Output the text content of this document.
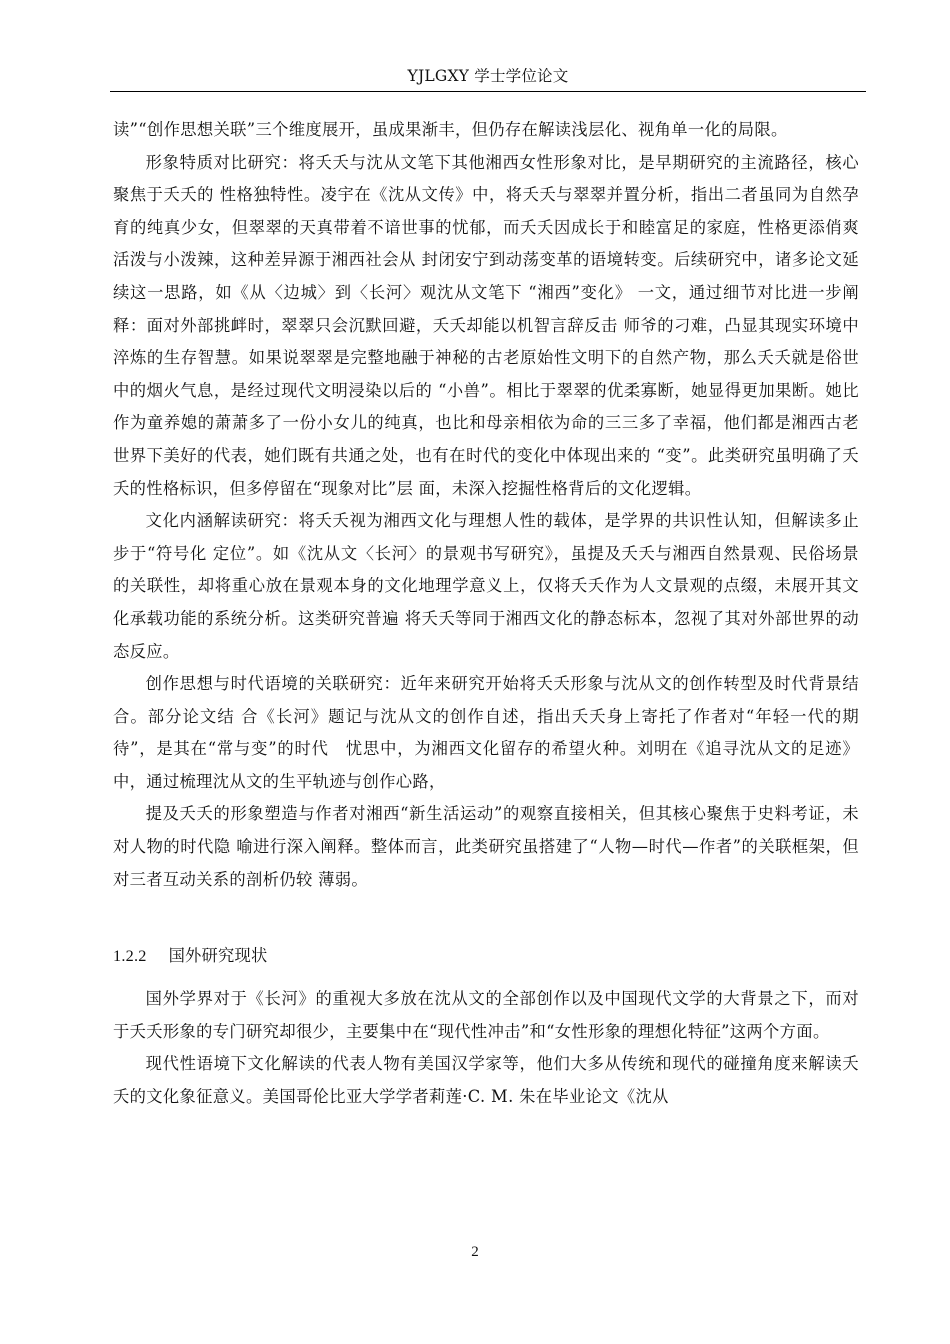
YJLGXY 学士学位论文

读”“创作思想关联”三个维度展开，虽成果渐丰，但仍存在解读浅层化、视角单一化的局限。

形象特质对比研究：将夭夭与沈从文笔下其他湘西女性形象对比，是早期研究的主流路径，核心聚焦于夭夭的 性格独特性。凌宇在《沈从文传》中，将夭夭与翠翠并置分析，指出二者虽同为自然孕育的纯真少女，但翠翠的天真带着不谙世事的忧郁，而夭夭因成长于和睦富足的家庭，性格更添俏爽活泼与小泼辣，这种差异源于湘西社会从 封闭安宁到动荡变革的语境转变。后续研究中，诸多论文延续这一思路，如《从〈边城〉到〈长河〉观沈从文笔下 “湘西”变化》 一文，通过细节对比进一步阐释：面对外部挑衅时，翠翠只会沉默回避，夭夭却能以机智言辞反击 师爷的刁难，凸显其现实环境中淬炼的生存智慧。如果说翠翠是完整地融于神秘的古老原始性文明下的自然产物，那么夭夭就是俗世中的烟火气息，是经过现代文明浸染以后的 “小兽”。相比于翠翠的优柔寡断，她显得更加果断。她比作为童养媳的萧萧多了一份小女儿的纯真，也比和母亲相依为命的三三多了幸福，他们都是湘西古老世界下美好的代表，她们既有共通之处，也有在时代的变化中体现出来的 “变”。此类研究虽明确了夭夭的性格标识，但多停留在“现象对比”层 面，未深入挖掘性格背后的文化逻辑。

文化内涵解读研究：将夭夭视为湘西文化与理想人性的载体，是学界的共识性认知，但解读多止步于“符号化 定位”。如《沈从文〈长河〉的景观书写研究》，虽提及夭夭与湘西自然景观、民俗场景的关联性，却将重心放在景观本身的文化地理学意义上，仅将夭夭作为人文景观的点缀，未展开其文化承载功能的系统分析。这类研究普遍 将夭夭等同于湘西文化的静态标本，忽视了其对外部世界的动态反应。

创作思想与时代语境的关联研究：近年来研究开始将夭夭形象与沈从文的创作转型及时代背景结合。部分论文结 合《长河》题记与沈从文的创作自述，指出夭夭身上寄托了作者对“年轻一代的期待”，是其在“常与变”的时代　忧思中，为湘西文化留存的希望火种。刘明在《追寻沈从文的足迹》中，通过梳理沈从文的生平轨迹与创作心路，

提及夭夭的形象塑造与作者对湘西“新生活运动”的观察直接相关，但其核心聚焦于史料考证，未对人物的时代隐 喻进行深入阐释。整体而言，此类研究虽搭建了“人物—时代—作者”的关联框架，但对三者互动关系的剖析仍较 薄弱。

1.2.2 国外研究现状

国外学界对于《长河》的重视大多放在沈从文的全部创作以及中国现代文学的大背景之下，而对于夭夭形象的专门研究却很少，主要集中在“现代性冲击”和“女性形象的理想化特征”这两个方面。

现代性语境下文化解读的代表人物有美国汉学家等，他们大多从传统和现代的碰撞角度来解读夭夭的文化象征意义。美国哥伦比亚大学学者莉莲·C. M. 朱在毕业论文《沈从

2
